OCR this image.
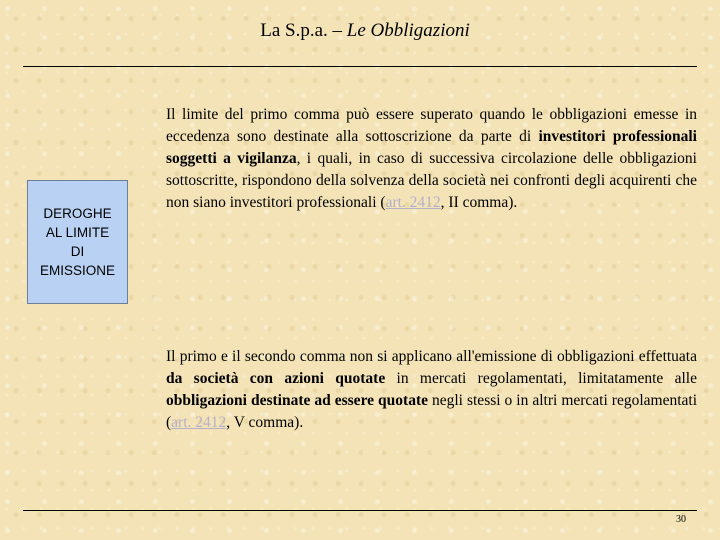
La S.p.a. – Le Obbligazioni
DEROGHE
AL LIMITE
DI
EMISSIONE

Il limite del primo comma può essere superato quando le obbligazioni emesse in eccedenza sono destinate alla sottoscrizione da parte di investitori professionali soggetti a vigilanza, i quali, in caso di successiva circolazione delle obbligazioni sottoscritte, rispondono della solvenza della società nei confronti degli acquirenti che non siano investitori professionali (art. 2412, II comma).

Il primo e il secondo comma non si applicano all'emissione di obbligazioni effettuata da società con azioni quotate in mercati regolamentati, limitatamente alle obbligazioni destinate ad essere quotate negli stessi o in altri mercati regolamentati (art. 2412, V comma).

30
